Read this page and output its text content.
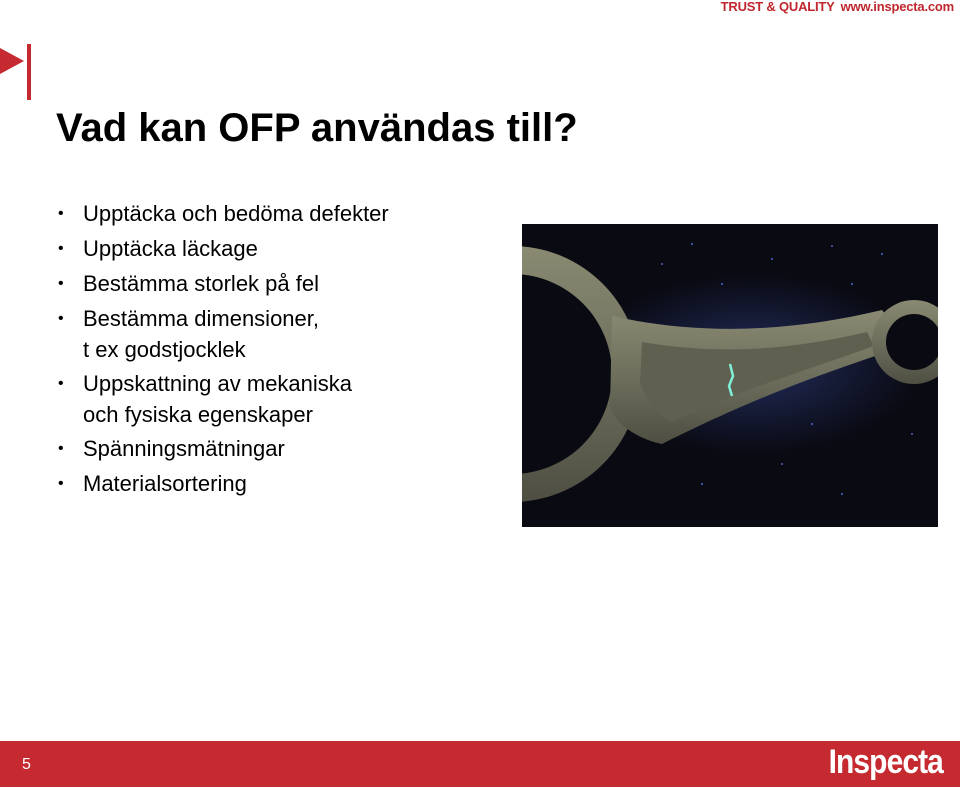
TRUST & QUALITY www.inspecta.com
Vad kan OFP användas till?
• Upptäcka och bedöma defekter
• Upptäcka läckage
• Bestämma storlek på fel
• Bestämma dimensioner,
t ex godstjocklek
• Uppskattning av mekaniska
och fysiska egenskaper
• Spänningsmätningar
• Materialsortering
5	Inspecta
